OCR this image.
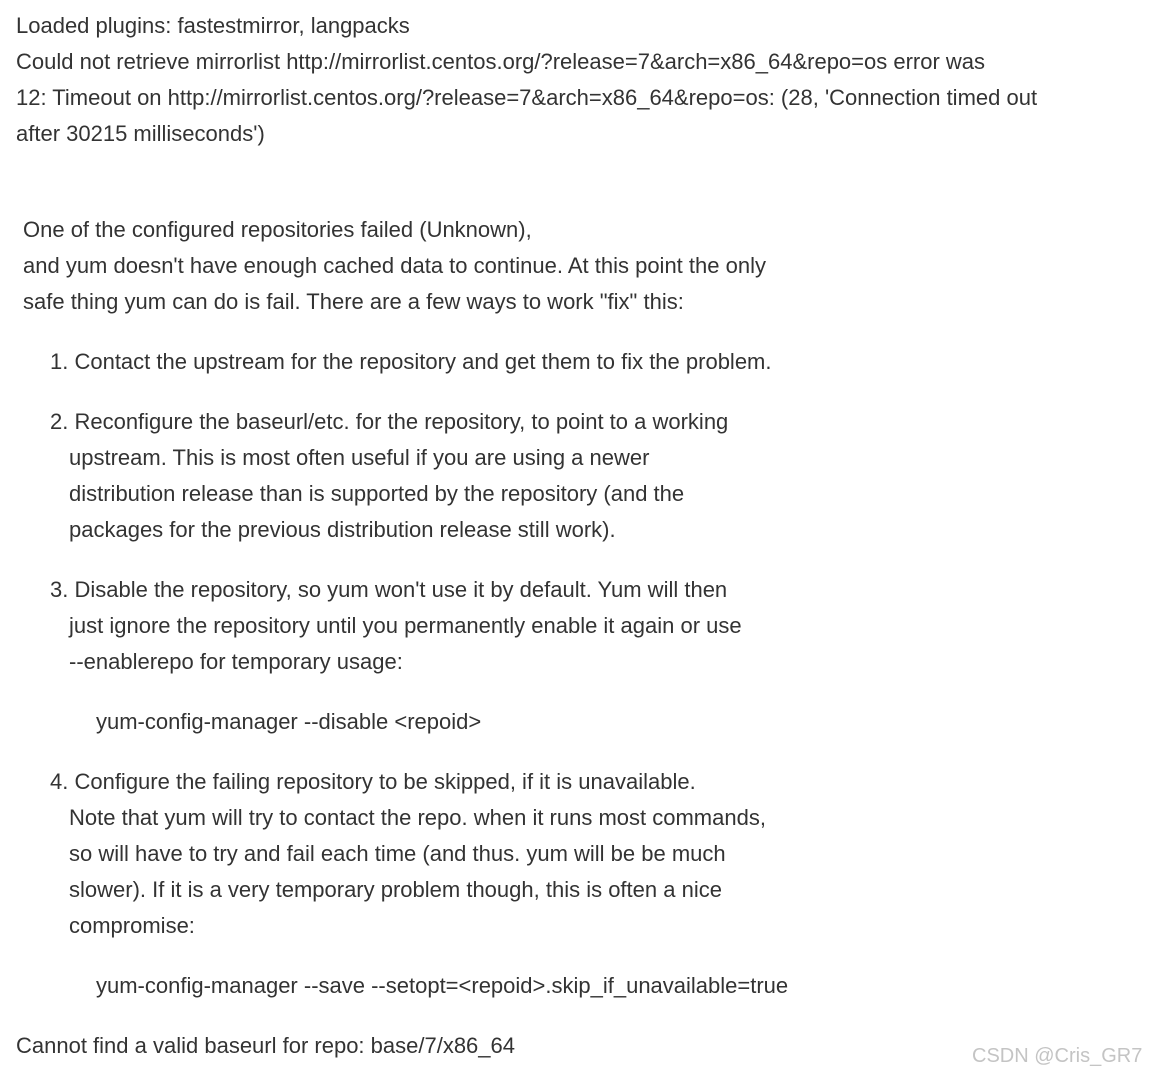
Loaded plugins: fastestmirror, langpacks

Could not retrieve mirrorlist http://mirrorlist.centos.org/?release=7&arch=x86_64&repo=os error was

12: Timeout on http://mirrorlist.centos.org/?release=7&arch=x86_64&repo=os: (28, 'Connection timed out

after 30215 milliseconds')

One of the configured repositories failed (Unknown),

and yum doesn't have enough cached data to continue. At this point the only

safe thing yum can do is fail. There are a few ways to work "fix" this:

1. Contact the upstream for the repository and get them to fix the problem.

2. Reconfigure the baseurl/etc. for the repository, to point to a working

upstream. This is most often useful if you are using a newer

distribution release than is supported by the repository (and the

packages for the previous distribution release still work).

3. Disable the repository, so yum won't use it by default. Yum will then

just ignore the repository until you permanently enable it again or use

--enablerepo for temporary usage:

yum-config-manager --disable <repoid>

4. Configure the failing repository to be skipped, if it is unavailable.

Note that yum will try to contact the repo. when it runs most commands,

so will have to try and fail each time (and thus. yum will be be much

slower). If it is a very temporary problem though, this is often a nice

compromise:

yum-config-manager --save --setopt=<repoid>.skip_if_unavailable=true

Cannot find a valid baseurl for repo: base/7/x86_64	CSDN @Cris_GR7
